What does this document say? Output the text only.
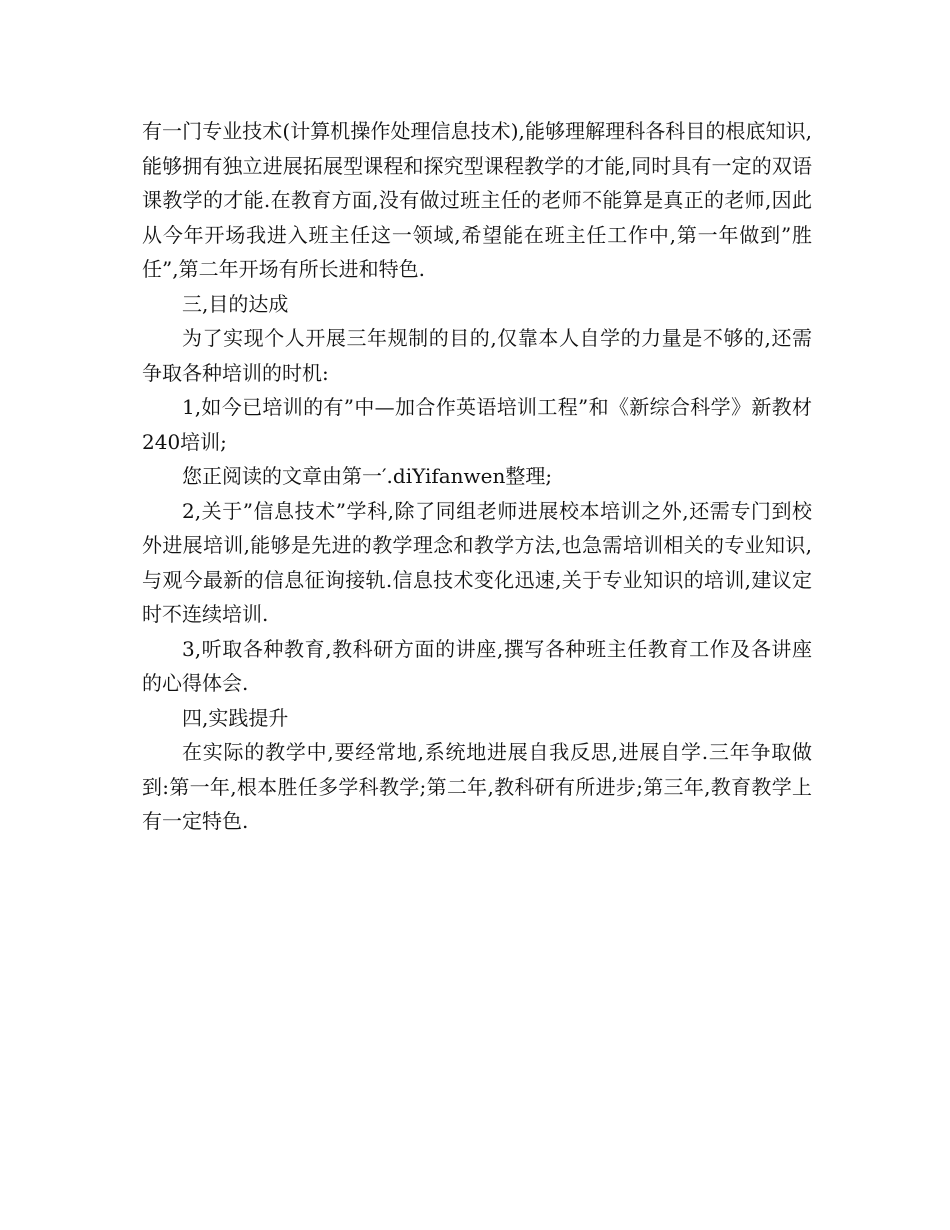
有一门专业技术(计算机操作处理信息技术),能够理解理科各科目的根底知识,能够拥有独立进展拓展型课程和探究型课程教学的才能,同时具有一定的双语课教学的才能.在教育方面,没有做过班主任的老师不能算是真正的老师,因此从今年开场我进入班主任这一领域,希望能在班主任工作中,第一年做到”胜任”,第二年开场有所长进和特色.

三,目的达成

为了实现个人开展三年规制的目的,仅靠本人自学的力量是不够的,还需争取各种培训的时机:

1,如今已培训的有”中—加合作英语培训工程”和《新综合科学》新教材240培训;

您正阅读的文章由第一′.diYifanwen整理;

2,关于”信息技术”学科,除了同组老师进展校本培训之外,还需专门到校外进展培训,能够是先进的教学理念和教学方法,也急需培训相关的专业知识,与观今最新的信息征询接轨.信息技术变化迅速,关于专业知识的培训,建议定时不连续培训.

3,听取各种教育,教科研方面的讲座,撰写各种班主任教育工作及各讲座的心得体会.

四,实践提升

在实际的教学中,要经常地,系统地进展自我反思,进展自学.三年争取做到:第一年,根本胜任多学科教学;第二年,教科研有所进步;第三年,教育教学上有一定特色.
